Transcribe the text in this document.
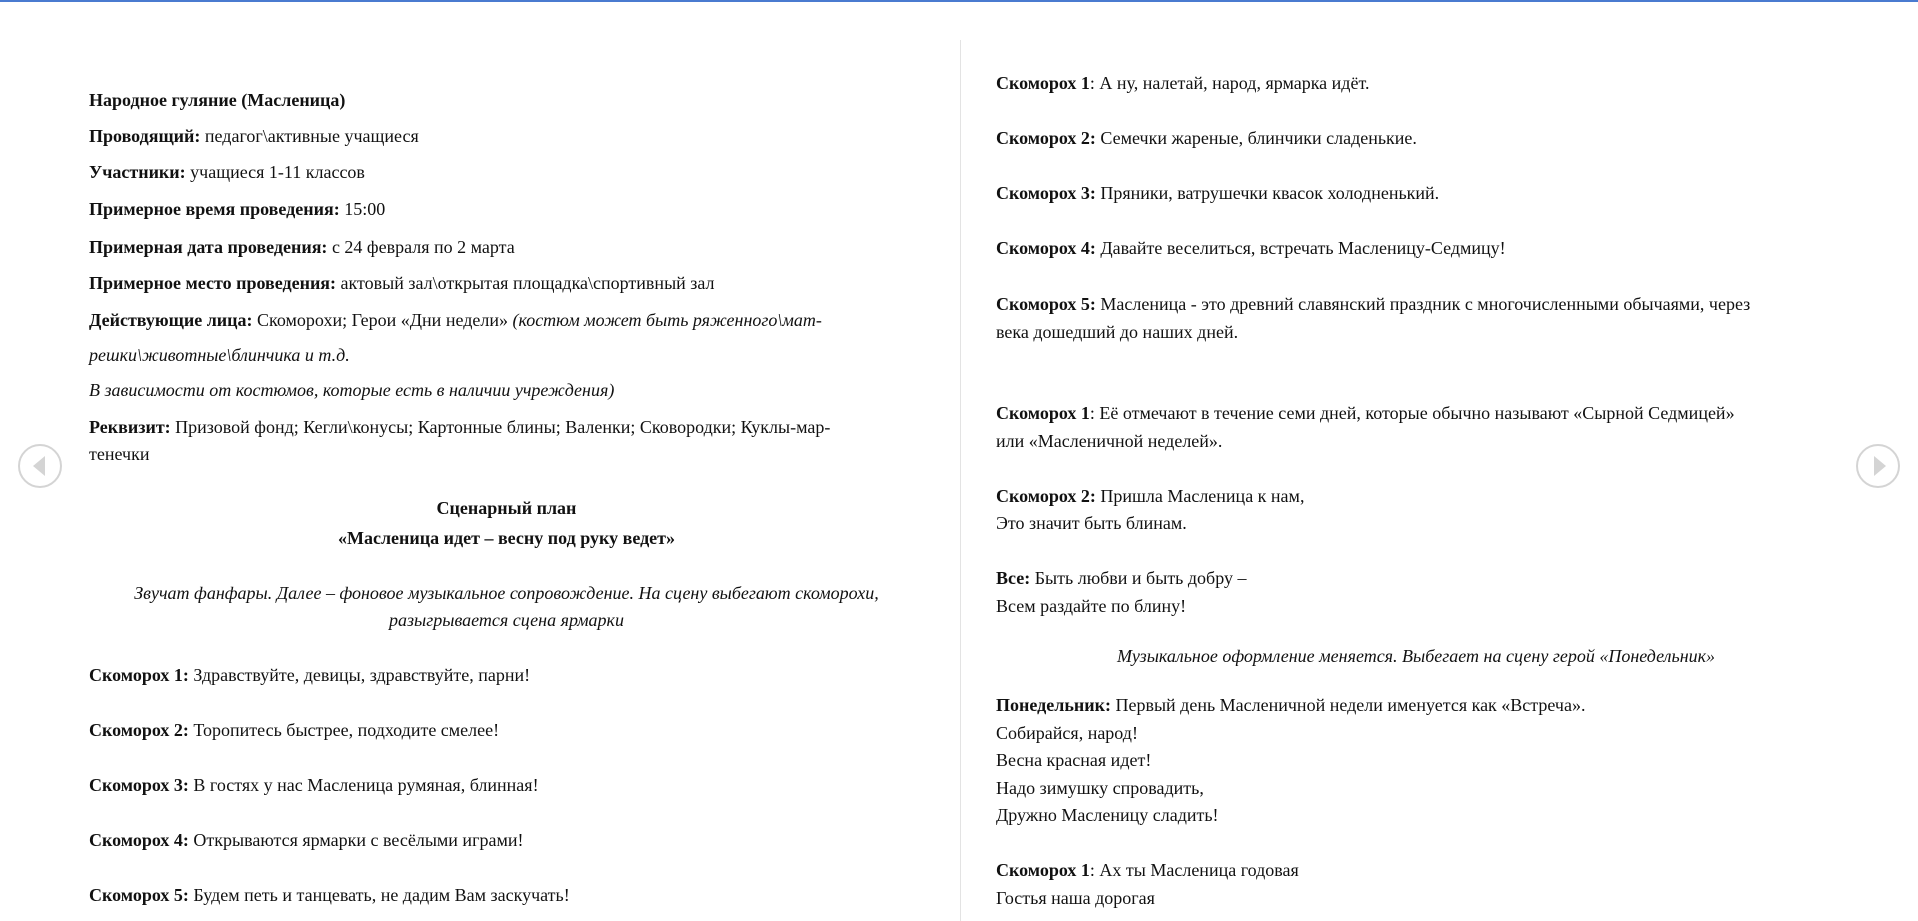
Народное гуляние (Масленица)
Проводящий: педагог\активные учащиеся
Участники: учащиеся 1-11 классов
Примерное время проведения: 15:00
Примерная дата проведения: с 24 февраля по 2 марта
Примерное место проведения: актовый зал\открытая площадка\спортивный зал
Действующие лица: Скоморохи; Герои «Дни недели» (костюм может быть ряженного\мат-
решки\животные\блинчика и т.д.
В зависимости от костюмов, которые есть в наличии учреждения)
Реквизит: Призовой фонд; Кегли\конусы; Картонные блины; Валенки; Сковородки; Куклы-мар-
тенечки
Сценарный план
«Масленица идет – весну под руку ведет»
Звучат фанфары. Далее – фоновое музыкальное сопровождение. На сцену выбегают скоморохи,
разыгрывается сцена ярмарки
Скоморох 1: Здравствуйте, девицы, здравствуйте, парни!
Скоморох 2: Торопитесь быстрее, подходите смелее!
Скоморох 3: В гостях у нас Масленица румяная, блинная!
Скоморох 4: Открываются ярмарки с весёлыми играми!
Скоморох 5: Будем петь и танцевать, не дадим Вам заскучать!
Скоморох 1: А ну, налетай, народ, ярмарка идёт.
Скоморох 2: Семечки жареные, блинчики сладенькие.
Скоморох 3: Пряники, ватрушечки квасок холодненький.
Скоморох 4: Давайте веселиться, встречать Масленицу-Седмицу!
Скоморох 5: Масленица - это древний славянский праздник с многочисленными обычаями, через
века дошедший до наших дней.
Скоморох 1: Её отмечают в течение семи дней, которые обычно называют «Сырной Седмицей»
или «Масленичной неделей».
Скоморох 2: Пришла Масленица к нам,
Это значит быть блинам.
Все: Быть любви и быть добру –
Всем раздайте по блину!
Музыкальное оформление меняется. Выбегает на сцену герой «Понедельник»
Понедельник: Первый день Масленичной недели именуется как «Встреча».
Собирайся, народ!
Весна красная идет!
Надо зимушку спровадить,
Дружно Масленицу сладить!
Скоморох 1: Ах ты Масленица годовая
Гостья наша дорогая
